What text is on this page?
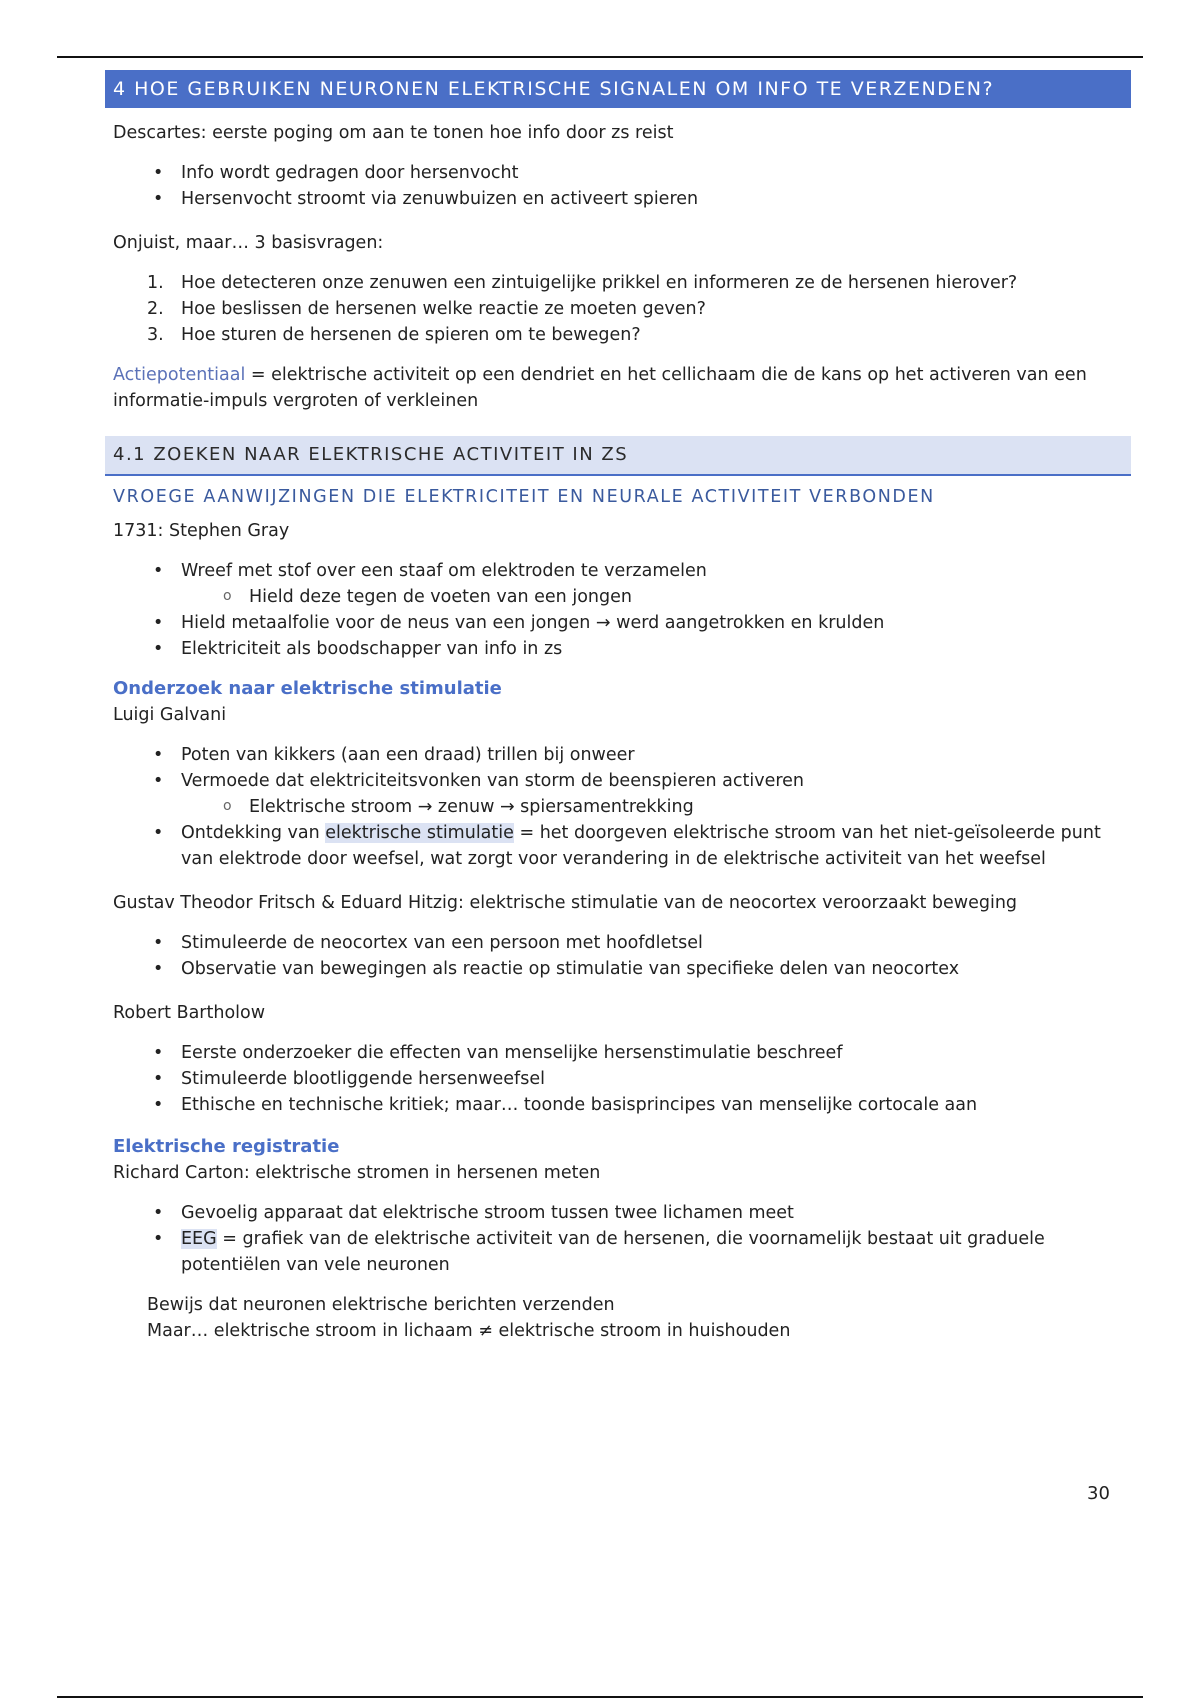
4 HOE GEBRUIKEN NEURONEN ELEKTRISCHE SIGNALEN OM INFO TE VERZENDEN?

Descartes: eerste poging om aan te tonen hoe info door zs reist

• Info wordt gedragen door hersenvocht
• Hersenvocht stroomt via zenuwbuizen en activeert spieren

Onjuist, maar… 3 basisvragen:

1. Hoe detecteren onze zenuwen een zintuigelijke prikkel en informeren ze de hersenen hierover?
2. Hoe beslissen de hersenen welke reactie ze moeten geven?
3. Hoe sturen de hersenen de spieren om te bewegen?

Actiepotentiaal = elektrische activiteit op een dendriet en het cellichaam die de kans op het activeren van een informatie-impuls vergroten of verkleinen

4.1 ZOEKEN NAAR ELEKTRISCHE ACTIVITEIT IN ZS
VROEGE AANWIJZINGEN DIE ELEKTRICITEIT EN NEURALE ACTIVITEIT VERBONDEN

1731: Stephen Gray

• Wreef met stof over een staaf om elektroden te verzamelen
o Hield deze tegen de voeten van een jongen
• Hield metaalfolie voor de neus van een jongen → werd aangetrokken en krulden
• Elektriciteit als boodschapper van info in zs
Onderzoek naar elektrische stimulatie

Luigi Galvani

• Poten van kikkers (aan een draad) trillen bij onweer
• Vermoede dat elektriciteitsvonken van storm de beenspieren activeren
o Elektrische stroom → zenuw → spiersamentrekking
• Ontdekking van elektrische stimulatie = het doorgeven elektrische stroom van het niet-geïsoleerde punt van elektrode door weefsel, wat zorgt voor verandering in de elektrische activiteit van het weefsel

Gustav Theodor Fritsch & Eduard Hitzig: elektrische stimulatie van de neocortex veroorzaakt beweging

• Stimuleerde de neocortex van een persoon met hoofdletsel
• Observatie van bewegingen als reactie op stimulatie van specifieke delen van neocortex

Robert Bartholow

• Eerste onderzoeker die effecten van menselijke hersenstimulatie beschreef
• Stimuleerde blootliggende hersenweefsel
• Ethische en technische kritiek; maar… toonde basisprincipes van menselijke cortocale aan
Elektrische registratie

Richard Carton: elektrische stromen in hersenen meten

• Gevoelig apparaat dat elektrische stroom tussen twee lichamen meet
• EEG = grafiek van de elektrische activiteit van de hersenen, die voornamelijk bestaat uit graduele potentiëlen van vele neuronen

Bewijs dat neuronen elektrische berichten verzenden

Maar… elektrische stroom in lichaam ≠ elektrische stroom in huishouden

30
